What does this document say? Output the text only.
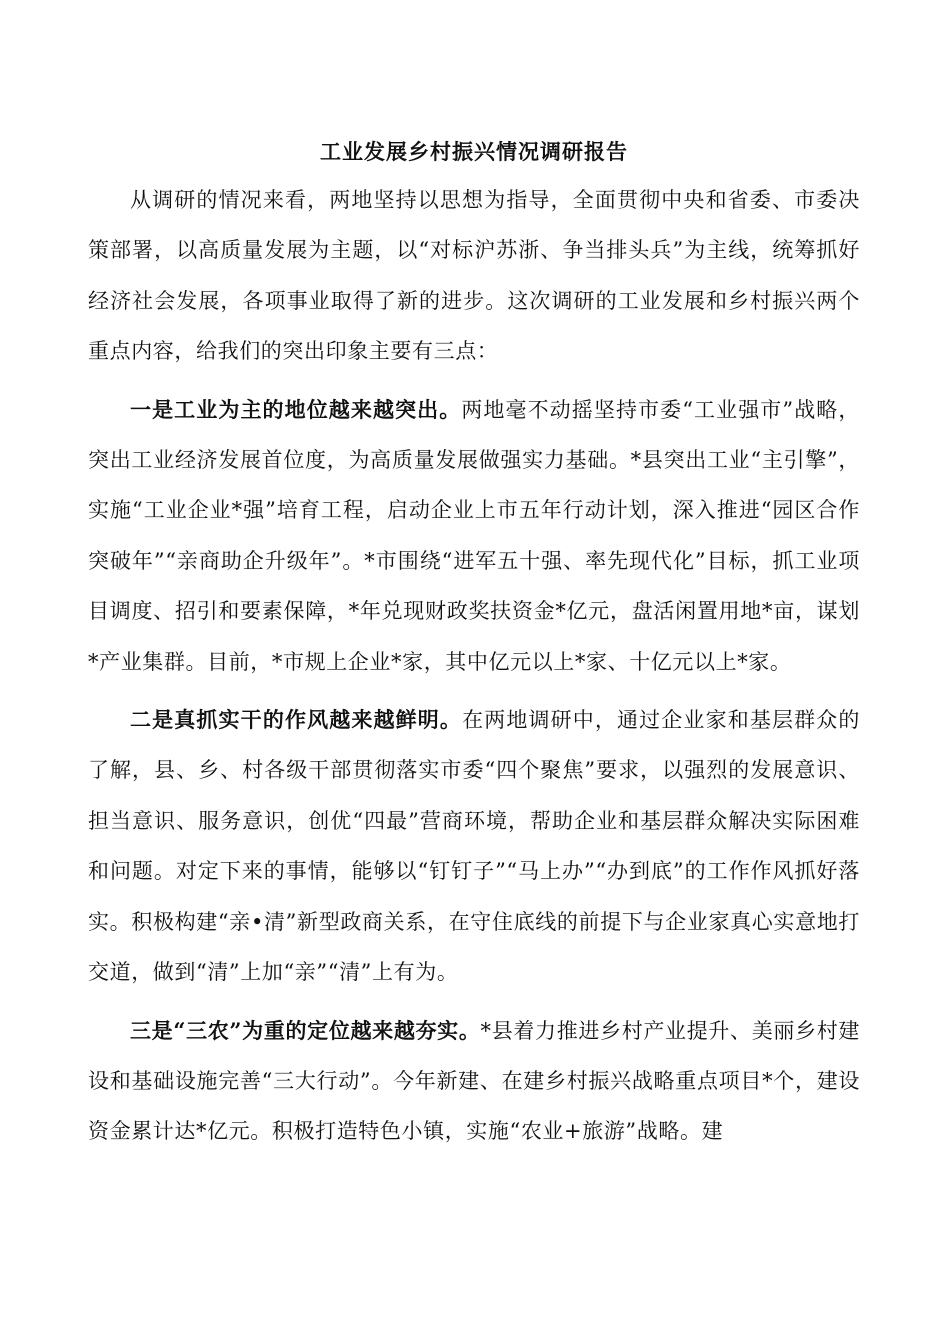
工业发展乡村振兴情况调研报告

从调研的情况来看，两地坚持以思想为指导，全面贯彻中央和省委、市委决策部署，以高质量发展为主题，以“对标沪苏浙、争当排头兵”为主线，统筹抓好经济社会发展，各项事业取得了新的进步。这次调研的工业发展和乡村振兴两个重点内容，给我们的突出印象主要有三点：

一是工业为主的地位越来越突出。两地毫不动摇坚持市委“工业强市”战略，突出工业经济发展首位度，为高质量发展做强实力基础。*县突出工业“主引擎”，实施“工业企业*强”培育工程，启动企业上市五年行动计划，深入推进“园区合作突破年”“亲商助企升级年”。*市围绕“进军五十强、率先现代化”目标，抓工业项目调度、招引和要素保障，*年兑现财政奖扶资金*亿元，盘活闲置用地*亩，谋划*产业集群。目前，*市规上企业*家，其中亿元以上*家、十亿元以上*家。

二是真抓实干的作风越来越鲜明。在两地调研中，通过企业家和基层群众的了解，县、乡、村各级干部贯彻落实市委“四个聚焦”要求，以强烈的发展意识、担当意识、服务意识，创优“四最”营商环境，帮助企业和基层群众解决实际困难和问题。对定下来的事情，能够以“钉钉子”“马上办”“办到底”的工作作风抓好落实。积极构建“亲•清”新型政商关系，在守住底线的前提下与企业家真心实意地打交道，做到“清”上加“亲”“清”上有为。

三是“三农”为重的定位越来越夯实。*县着力推进乡村产业提升、美丽乡村建设和基础设施完善“三大行动”。今年新建、在建乡村振兴战略重点项目*个，建设资金累计达*亿元。积极打造特色小镇，实施“农业+旅游”战略。建
